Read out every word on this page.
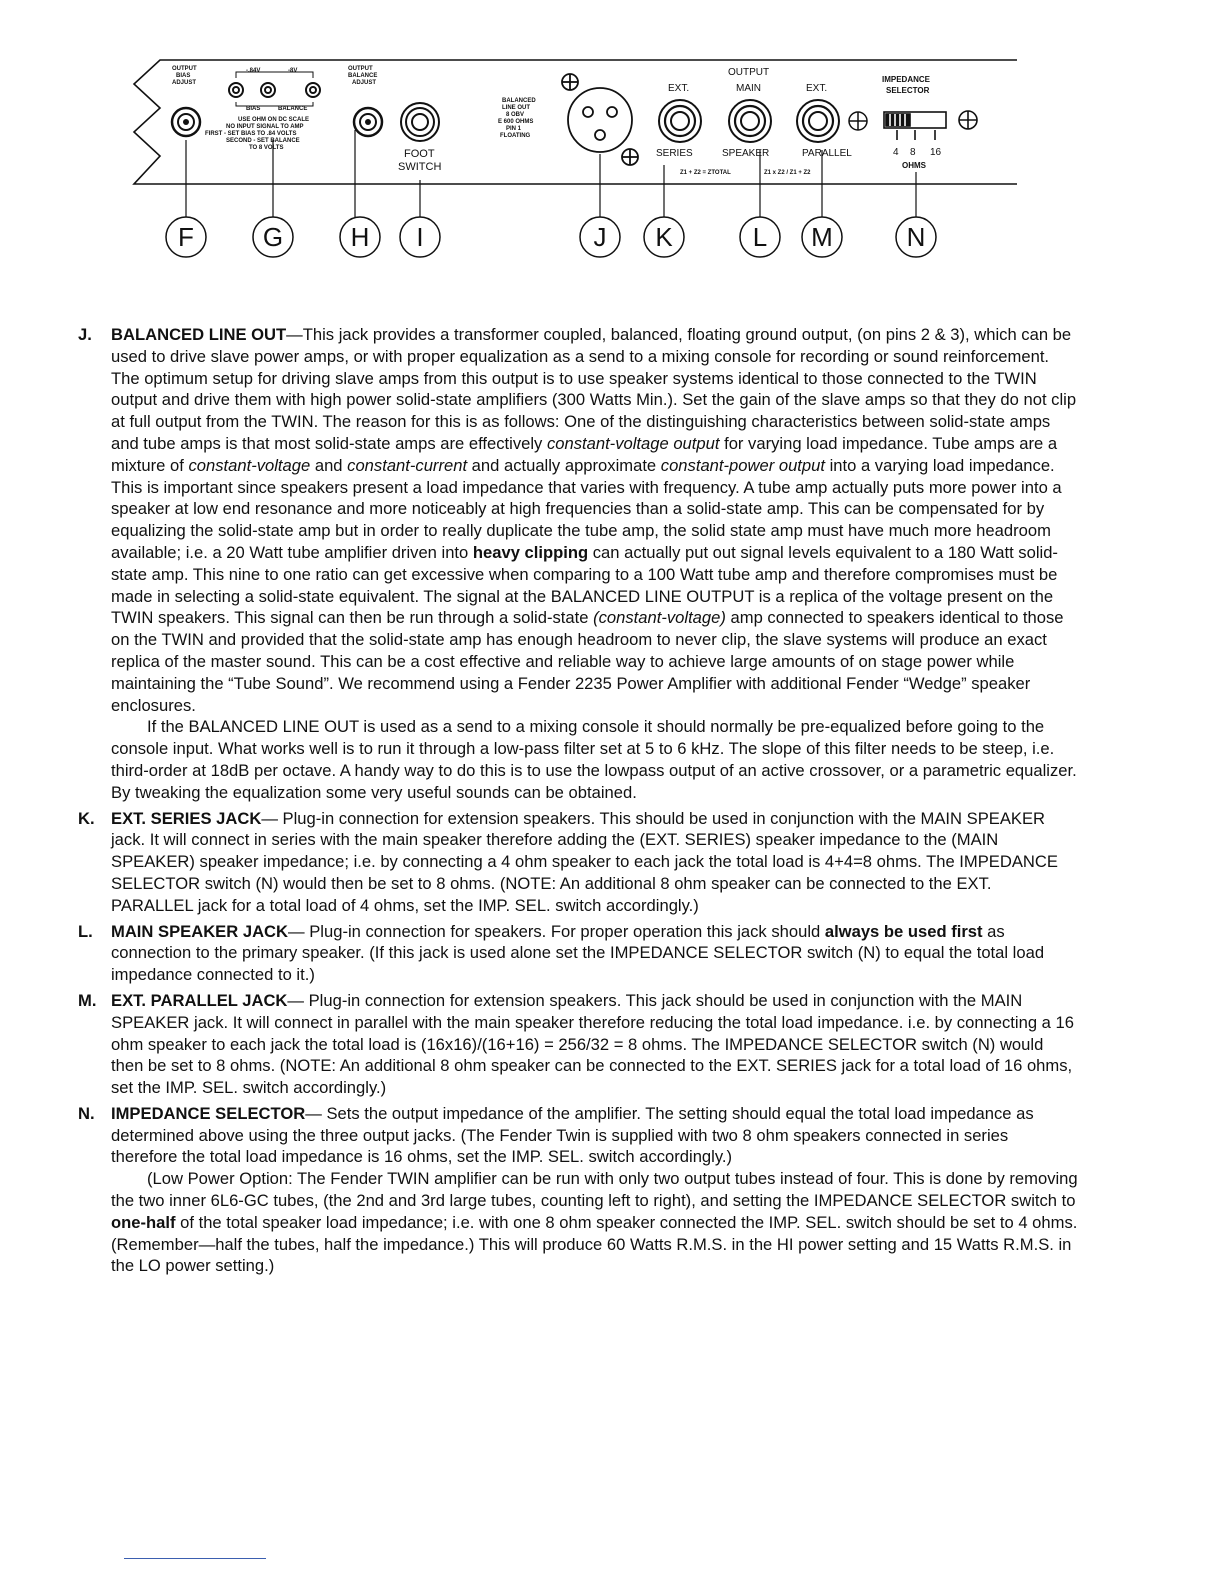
OUTPUT BIAS ADJUST
-.84V	-8V
BIAS	BALANCE
USE OHM ON DC SCALE NO INPUT SIGNAL TO AMP FIRST - SET BIAS TO .84 VOLTS SECOND - SET BALANCE TO 8 VOLTS
OUTPUT BALANCE ADJUST
FOOT SWITCH
BALANCED LINE OUT 8 OBV E 600 OHMS PIN 1 FLOATING
OUTPUT
EXT.	MAIN	EXT.
SERIES	SPEAKER	PARALLEL
Z1 + Z2 = ZTOTAL	Z1 x Z2 / Z1 + Z2
IMPEDANCE SELECTOR
4 8 16
OHMS
F	G	H I	J K	L M	N
J. BALANCED LINE OUT—This jack provides a transformer coupled, balanced, floating ground output, (on pins 2 & 3), which can be used to drive slave power amps, or with proper equalization as a send to a mixing console for recording or sound reinforcement. The optimum setup for driving slave amps from this output is to use speaker systems identical to those connected to the TWIN output and drive them with high power solid-state amplifiers (300 Watts Min.). Set the gain of the slave amps so that they do not clip at full output from the TWIN. The reason for this is as follows: One of the distinguishing characteristics between solid-state amps and tube amps is that most solid-state amps are effectively constant-voltage output for varying load impedance. Tube amps are a mixture of constant-voltage and constant-current and actually approximate constant-power output into a varying load impedance. This is important since speakers present a load impedance that varies with frequency. A tube amp actually puts more power into a speaker at low end resonance and more noticeably at high frequencies than a solid-state amp. This can be compensated for by equalizing the solid-state amp but in order to really duplicate the tube amp, the solid state amp must have much more headroom available; i.e. a 20 Watt tube amplifier driven into heavy clipping can actually put out signal levels equivalent to a 180 Watt solid-state amp. This nine to one ratio can get excessive when comparing to a 100 Watt tube amp and therefore compromises must be made in selecting a solid-state equivalent. The signal at the BALANCED LINE OUTPUT is a replica of the voltage present on the TWIN speakers. This signal can then be run through a solid-state (constant-voltage) amp connected to speakers identical to those on the TWIN and provided that the solid-state amp has enough headroom to never clip, the slave systems will produce an exact replica of the master sound. This can be a cost effective and reliable way to achieve large amounts of on stage power while maintaining the “Tube Sound”. We recommend using a Fender 2235 Power Amplifier with additional Fender “Wedge” speaker enclosures.

If the BALANCED LINE OUT is used as a send to a mixing console it should normally be pre-equalized before going to the console input. What works well is to run it through a low-pass filter set at 5 to 6 kHz. The slope of this filter needs to be steep, i.e. third-order at 18dB per octave. A handy way to do this is to use the lowpass output of an active crossover, or a parametric equalizer. By tweaking the equalization some very useful sounds can be obtained.

K. EXT. SERIES JACK— Plug-in connection for extension speakers. This should be used in conjunction with the MAIN SPEAKER jack. It will connect in series with the main speaker therefore adding the (EXT. SERIES) speaker impedance to the (MAIN SPEAKER) speaker impedance; i.e. by connecting a 4 ohm speaker to each jack the total load is 4+4=8 ohms. The IMPEDANCE SELECTOR switch (N) would then be set to 8 ohms. (NOTE: An additional 8 ohm speaker can be connected to the EXT. PARALLEL jack for a total load of 4 ohms, set the IMP. SEL. switch accordingly.)

L. MAIN SPEAKER JACK— Plug-in connection for speakers. For proper operation this jack should always be used first as connection to the primary speaker. (If this jack is used alone set the IMPEDANCE SELECTOR switch (N) to equal the total load impedance connected to it.)

M. EXT. PARALLEL JACK— Plug-in connection for extension speakers. This jack should be used in conjunction with the MAIN SPEAKER jack. It will connect in parallel with the main speaker therefore reducing the total load impedance. i.e. by connecting a 16 ohm speaker to each jack the total load is (16x16)/(16+16) = 256/32 = 8 ohms. The IMPEDANCE SELECTOR switch (N) would then be set to 8 ohms. (NOTE: An additional 8 ohm speaker can be connected to the EXT. SERIES jack for a total load of 16 ohms, set the IMP. SEL. switch accordingly.)

N. IMPEDANCE SELECTOR— Sets the output impedance of the amplifier. The setting should equal the total load impedance as determined above using the three output jacks. (The Fender Twin is supplied with two 8 ohm speakers connected in series therefore the total load impedance is 16 ohms, set the IMP. SEL. switch accordingly.)

(Low Power Option: The Fender TWIN amplifier can be run with only two output tubes instead of four. This is done by removing the two inner 6L6-GC tubes, (the 2nd and 3rd large tubes, counting left to right), and setting the IMPEDANCE SELECTOR switch to one-half of the total speaker load impedance; i.e. with one 8 ohm speaker connected the IMP. SEL. switch should be set to 4 ohms. (Remember—half the tubes, half the impedance.) This will produce 60 Watts R.M.S. in the HI power setting and 15 Watts R.M.S. in the LO power setting.)
